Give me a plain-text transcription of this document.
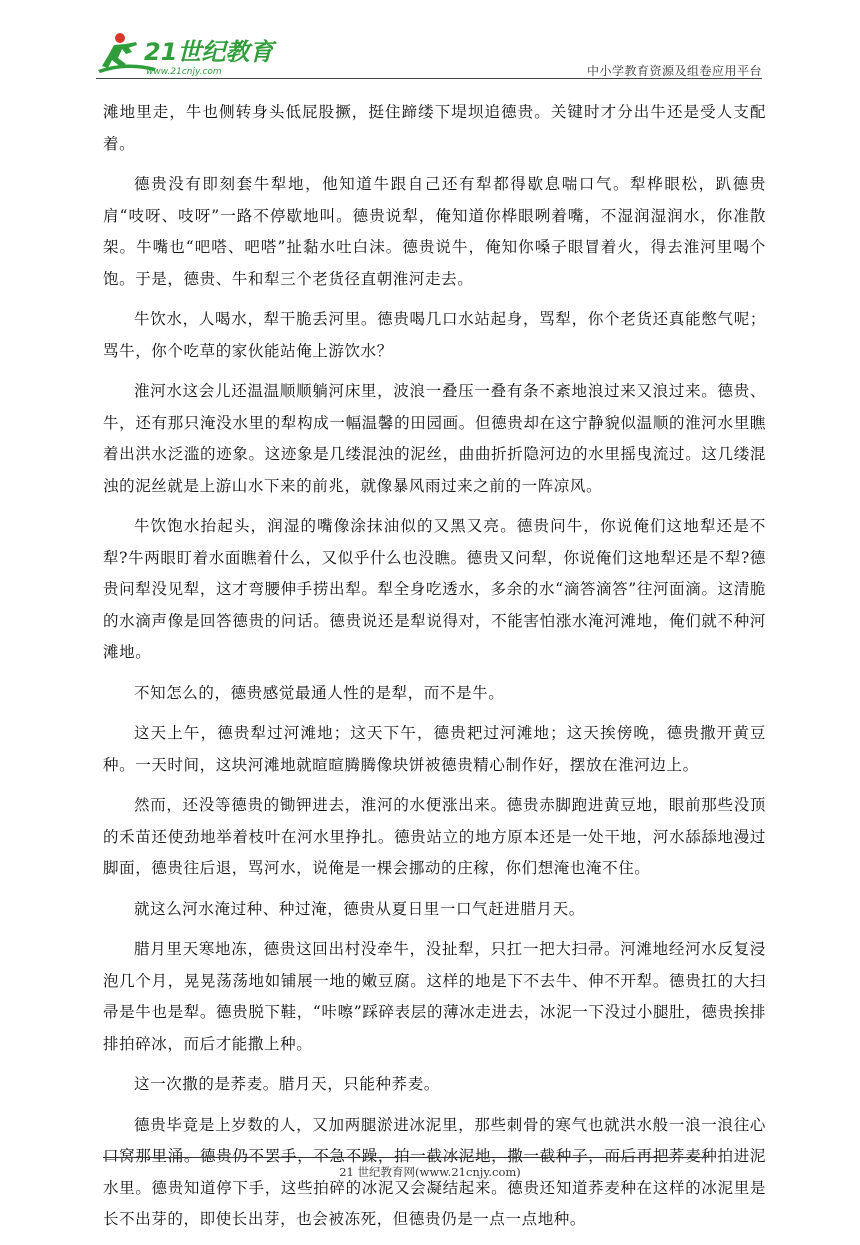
21世纪教育
www.21cnjy.com	中小学教育资源及组卷应用平台

滩地里走，牛也侧转身头低屁股撅，挺住蹄缕下堤坝追德贵。关键时才分出牛还是受人支配着。

德贵没有即刻套牛犁地，他知道牛跟自己还有犁都得歇息喘口气。犁桦眼松，趴德贵肩“吱呀、吱呀”一路不停歇地叫。德贵说犁，俺知道你桦眼咧着嘴，不湿润湿润水，你准散架。牛嘴也“吧嗒、吧嗒”扯黏水吐白沫。德贵说牛，俺知你嗓子眼冒着火，得去淮河里喝个饱。于是，德贵、牛和犁三个老货径直朝淮河走去。

牛饮水，人喝水，犁干脆丢河里。德贵喝几口水站起身，骂犁，你个老货还真能憋气呢；骂牛，你个吃草的家伙能站俺上游饮水？

淮河水这会儿还温温顺顺躺河床里，波浪一叠压一叠有条不紊地浪过来又浪过来。德贵、牛，还有那只淹没水里的犁构成一幅温馨的田园画。但德贵却在这宁静貌似温顺的淮河水里瞧着出洪水泛滥的迹象。这迹象是几缕混浊的泥丝，曲曲折折隐河边的水里摇曳流过。这几缕混浊的泥丝就是上游山水下来的前兆，就像暴风雨过来之前的一阵凉风。

牛饮饱水抬起头，润湿的嘴像涂抹油似的又黑又亮。德贵问牛，你说俺们这地犁还是不犁?牛两眼盯着水面瞧着什么，又似乎什么也没瞧。德贵又问犁，你说俺们这地犁还是不犁?德贵问犁没见犁，这才弯腰伸手捞出犁。犁全身吃透水，多余的水“滴答滴答”往河面滴。这清脆的水滴声像是回答德贵的问话。德贵说还是犁说得对，不能害怕涨水淹河滩地，俺们就不种河滩地。

不知怎么的，德贵感觉最通人性的是犁，而不是牛。

这天上午，德贵犁过河滩地；这天下午，德贵耙过河滩地；这天挨傍晚，德贵撒开黄豆种。一天时间，这块河滩地就暄暄腾腾像块饼被德贵精心制作好，摆放在淮河边上。

然而，还没等德贵的锄钾进去，淮河的水便涨出来。德贵赤脚跑进黄豆地，眼前那些没顶的禾苗还使劲地举着枝叶在河水里挣扎。德贵站立的地方原本还是一处干地，河水舔舔地漫过脚面，德贵往后退，骂河水，说俺是一棵会挪动的庄稼，你们想淹也淹不住。

就这么河水淹过种、种过淹，德贵从夏日里一口气赶进腊月天。

腊月里天寒地冻，德贵这回出村没牵牛，没扯犁，只扛一把大扫帚。河滩地经河水反复浸泡几个月，晃晃荡荡地如铺展一地的嫩豆腐。这样的地是下不去牛、伸不开犁。德贵扛的大扫帚是牛也是犁。德贵脱下鞋，“咔嚓”踩碎表层的薄冰走进去，冰泥一下没过小腿肚，德贵挨排排拍碎冰，而后才能撒上种。

这一次撒的是荞麦。腊月天，只能种荞麦。

德贵毕竟是上岁数的人，又加两腿淤进冰泥里，那些刺骨的寒气也就洪水般一浪一浪往心口窝那里涌。德贵仍不罢手，不急不躁，拍一截冰泥地，撒一截种子，而后再把荞麦种拍进泥水里。德贵知道停下手，这些拍碎的冰泥又会凝结起来。德贵还知道荞麦种在这样的冰泥里是长不出芽的，即使长出芽，也会被冻死，但德贵仍是一点一点地种。

21 世纪教育网(www.21cnjy.com)
